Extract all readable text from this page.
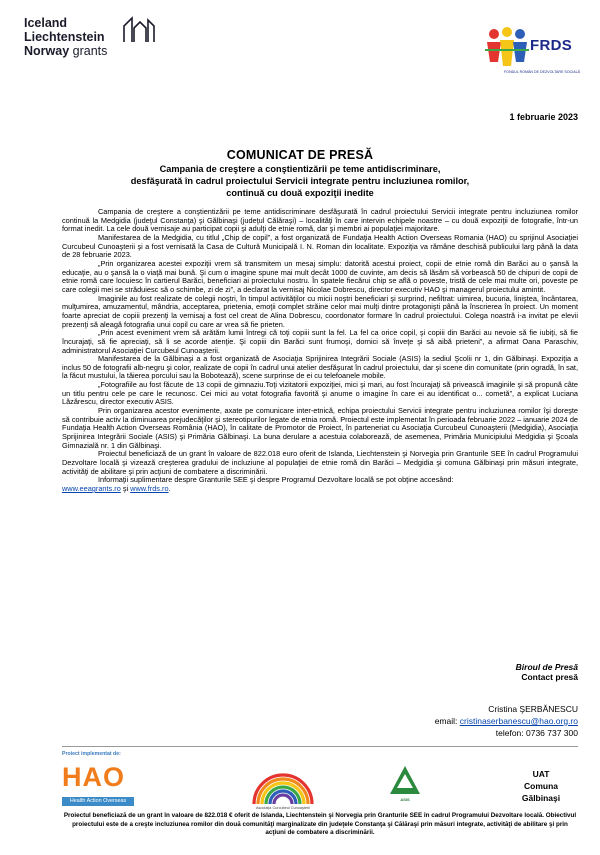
Iceland
Liechtenstein
Norway grants	FRDS
FONDUL ROMÂN DE DEZVOLTARE SOCIALĂ
1 februarie 2023
COMUNICAT DE PRESĂ
Campania de creştere a conştientizării pe teme antidiscriminare,
desfăşurată în cadrul proiectului Servicii integrate pentru incluziunea romilor,
continuă cu două expoziţii inedite

Campania de creştere a conştientizării pe teme antidiscriminare desfăşurată în cadrul proiectului Servicii integrate pentru incluziunea romilor continuă la Medgidia (judeţul Constanţa) şi Gălbinaşi (judeţul Călăraşi) – localităţi în care intervin echipele noastre – cu două expoziţii de fotografie, într-un format inedit. La cele două vernisaje au participat copii şi adulţi de etnie romă, dar şi membri ai populaţiei majoritare.

Manifestarea de la Medgidia, cu titlul „Chip de copil”, a fost organizată de Fundaţia Health Action Overseas Romania (HAO) cu sprijinul Asociaţiei Curcubeul Cunoaşterii şi a fost vernisată la Casa de Cultură Municipală I. N. Roman din localitate. Expoziţia va rămâne deschisă publicului larg până la data de 28 februarie 2023.

„Prin organizarea acestei expoziţii vrem să transmitem un mesaj simplu: datorită acestui proiect, copii de etnie romă din Barăci au o şansă la educaţie, au o şansă la o viaţă mai bună. Şi cum o imagine spune mai mult decât 1000 de cuvinte, am decis să lăsăm să vorbească 50 de chipuri de copii de etnie romă care locuiesc în cartierul Barăci, beneficiari ai proiectului nostru. În spatele fiecărui chip se află o poveste, tristă de cele mai multe ori, poveste pe care colegii mei se străduiesc să o schimbe, zi de zi”, a declarat la vernisaj Nicolae Dobrescu, director executiv HAO şi managerul proiectului amintit.

Imaginile au fost realizate de colegii noştri, în timpul activităţilor cu micii noştri beneficiari şi surprind, nefiltrat: uimirea, bucuria, liniştea, încântarea, mulţumirea, amuzamentul, mândria, acceptarea, prietenia, emoţii complet străine celor mai mulţi dintre protagonişti până la înscrierea în proiect. Un moment foarte apreciat de copiii prezenţi la vernisaj a fost cel creat de Alina Dobrescu, coordonator formare în cadrul proiectului. Colega noastră i-a invitat pe elevii prezenţi să aleagă fotografia unui copil cu care ar vrea să fie prieten.

„Prin acest eveniment vrem să arătăm lumii întregi că toţi copiii sunt la fel. La fel ca orice copil, şi copiii din Barăci au nevoie să fie iubiţi, să fie încurajaţi, să fie apreciaţi, să li se acorde atenţie. Şi copiii din Barăci sunt frumoşi, dornici să înveţe şi să aibă prieteni”, a afirmat Oana Paraschiv, administratorul Asociaţiei Curcubeul Cunoaşterii.

Manifestarea de la Gălbinaşi a a fost organizată de Asociaţia Sprijinirea Integrării Sociale (ASIS) la sediul Şcolii nr 1, din Gălbinaşi. Expoziţia a inclus 50 de fotografii alb-negru şi color, realizate de copii în cadrul unui atelier desfăşurat în cadrul proiectului, dar şi scene din comunitate (prin ogradă, în sat, la făcut mustului, la tăierea porcului sau la Bobotează), scene surprinse de ei cu telefoanele mobile.

„Fotografiile au fost făcute de 13 copii de gimnaziu.Toţi vizitatorii expoziţiei, mici şi mari, au fost încurajaţi să privească imaginile şi să propună câte un titlu pentru cele pe care le recunosc. Cei mici au votat fotografia favorită şi anume o imagine în care ei au identificat o... cometă”, a explicat Luciana Lăzărescu, director executiv ASIS.

Prin organizarea acestor evenimente, axate pe comunicare inter-etnică, echipa proiectului Servicii integrate pentru incluziunea romilor îşi doreşte să contribuie activ la diminuarea prejudecăţilor şi stereotipurilor legate de etnia romă. Proiectul este implementat în perioada februarie 2022 – ianuarie 2024 de Fundaţia Health Action Overseas România (HAO), în calitate de Promotor de Proiect, în parteneriat cu Asociaţia Curcubeul Cunoaşterii (Medgidia), Asociaţia Sprijinirea Integrării Sociale (ASIS) şi Primăria Gălbinaşi. La buna derulare a acestuia colaborează, de asemenea, Primăria Municipiului Medgidia şi Şcoala Gimnazială nr. 1 din Gălbinaşi.

Proiectul beneficiază de un grant în valoare de 822.018 euro oferit de Islanda, Liechtenstein şi Norvegia prin Granturile SEE în cadrul Programului Dezvoltare locală şi vizează creşterea gradului de incluziune al populaţiei de etnie romă din Barăci – Medgidia şi comuna Gălbinaşi prin măsuri integrate, activităţi de abilitare şi prin acţiuni de combatere a discriminării.

Informaţii suplimentare despre Granturile SEE şi despre Programul Dezvoltare locală se pot obţine accesând:

www.eeagrants.ro şi www.frds.ro.

Biroul de Presă
Contact presă
Cristina ŞERBĂNESCU
email: cristinaserbanescu@hao.org.ro
telefon: 0736 737 300
Proiect implementat de:
HAO
Health Action Overseas
Asociaţia Curcubeul Cunoaşterii
ASIS
UAT
Comuna
Gălbinaşi
Proiectul beneficiază de un grant în valoare de 822.018 € oferit de Islanda, Liechtenstein şi Norvegia prin Granturile SEE în cadrul Programului Dezvoltare locală. Obiectivul proiectului este de a creşte incluziunea romilor din două comunităţi marginalizate din judeţele Constanţa şi Călăraşi prin măsuri integrate, activităţi de abilitare şi prin acţiuni de combatere a discriminării.
